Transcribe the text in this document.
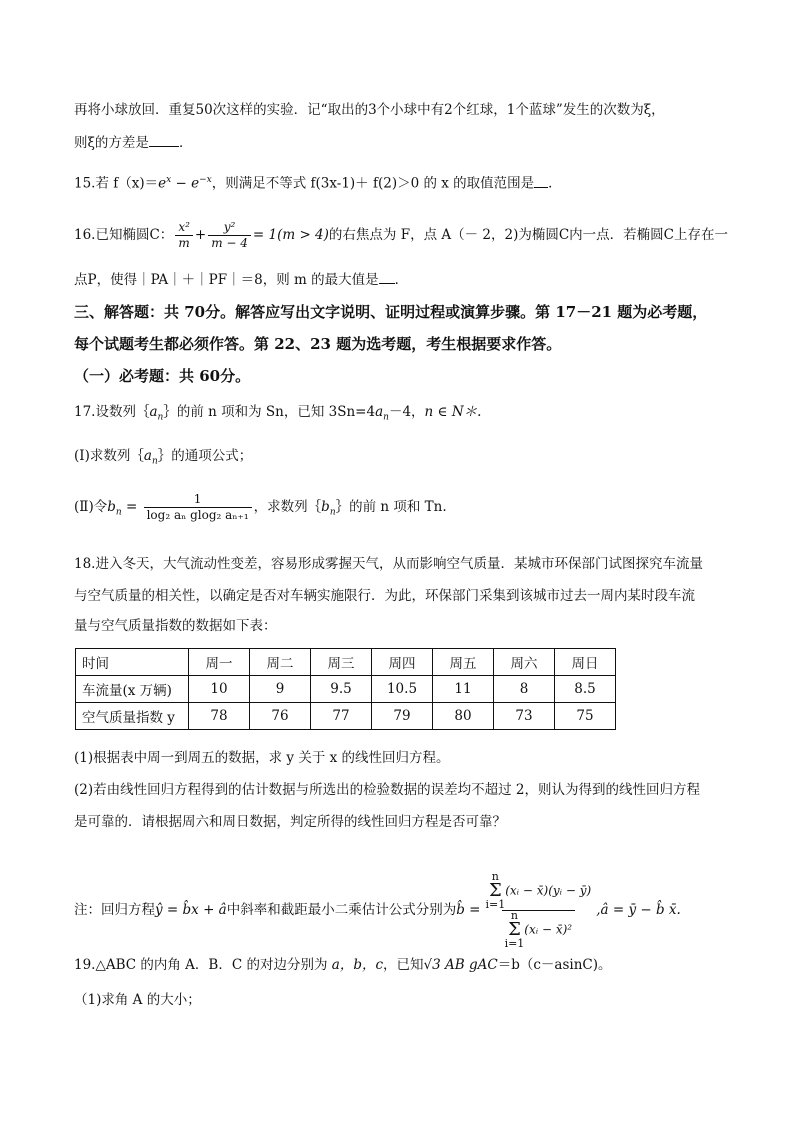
再将小球放回．重复50次这样的实验．记“取出的3个小球中有2个红球，1个蓝球”发生的次数为ξ，
则ξ的方差是 ．
15.若 $f(x)=e^x - e^{-x}$，则满足不等式 f(3x-1)＋ f(2)＞0 的 x 的取值范围是 ．
16.已知椭圆C： $\frac{\text{x²}}{m} + \frac{\text{y²}}{m - 4} = 1(m > 4)$的右焦点为 F，点 A（－ 2，2)为椭圆C内一点．若椭圆C上存在一
点P，使得｜PA｜＋｜PF｜＝8，则 m 的最大值是 ．
三、解答题：共 70分。解答应写出文字说明、证明过程或演算步骤。第 17－21 题为必考题，
每个试题考生都必须作答。第 22、23 题为选考题，考生根据要求作答。
（一）必考题：共 60分。
17.设数列$\{a_n\}$的前 n 项和为 Sn，已知 $3Sn=4a_n-4$，n ∈ N＊.
(Ⅰ)求数列$\{a_n\}$的通项公式；
(Ⅱ)令$b_n = \frac{1}{\text{log₂ aₙ glog₂ aₙ₊₁}}$ ，求数列$\{b_n\}$的前 n 项和 Tn.
18.进入冬天，大气流动性变差，容易形成雾握天气，从而影响空气质量．某城市环保部门试图探究车流量
与空气质量的相关性，以确定是否对车辆实施限行．为此，环保部门采集到该城市过去一周内某时段车流
量与空气质量指数的数据如下表：
时间	周一	周二	周三	周四	周五	周六	周日
车流量(x 万辆)	10	9	9.5	10.5	11	8	8.5
空气质量指数 y	78	76	77	79	80	73	75
(1)根据表中周一到周五的数据，求 y 关于 x 的线性回归方程。
(2)若由线性回归方程得到的估计数据与所选出的检验数据的误差均不超过 2，则认为得到的线性回归方程
是可靠的．请根据周六和周日数据，判定所得的线性回归方程是否可靠？
注：回归方程ŷ = b̂x + â中斜率和截距最小二乘估计公式分别为b̂ = n
Σ
i=1
(xᵢ − x̄)(yᵢ − ȳ)
n
Σ
i=1
(xᵢ − x̄)² ,â = ȳ − b̂ x̄.
19.△ABC 的内角 A．B．C 的对边分别为 a，b，c，已知√3 AB gAC＝b（c－asinC)。
（1)求角 A 的大小；
